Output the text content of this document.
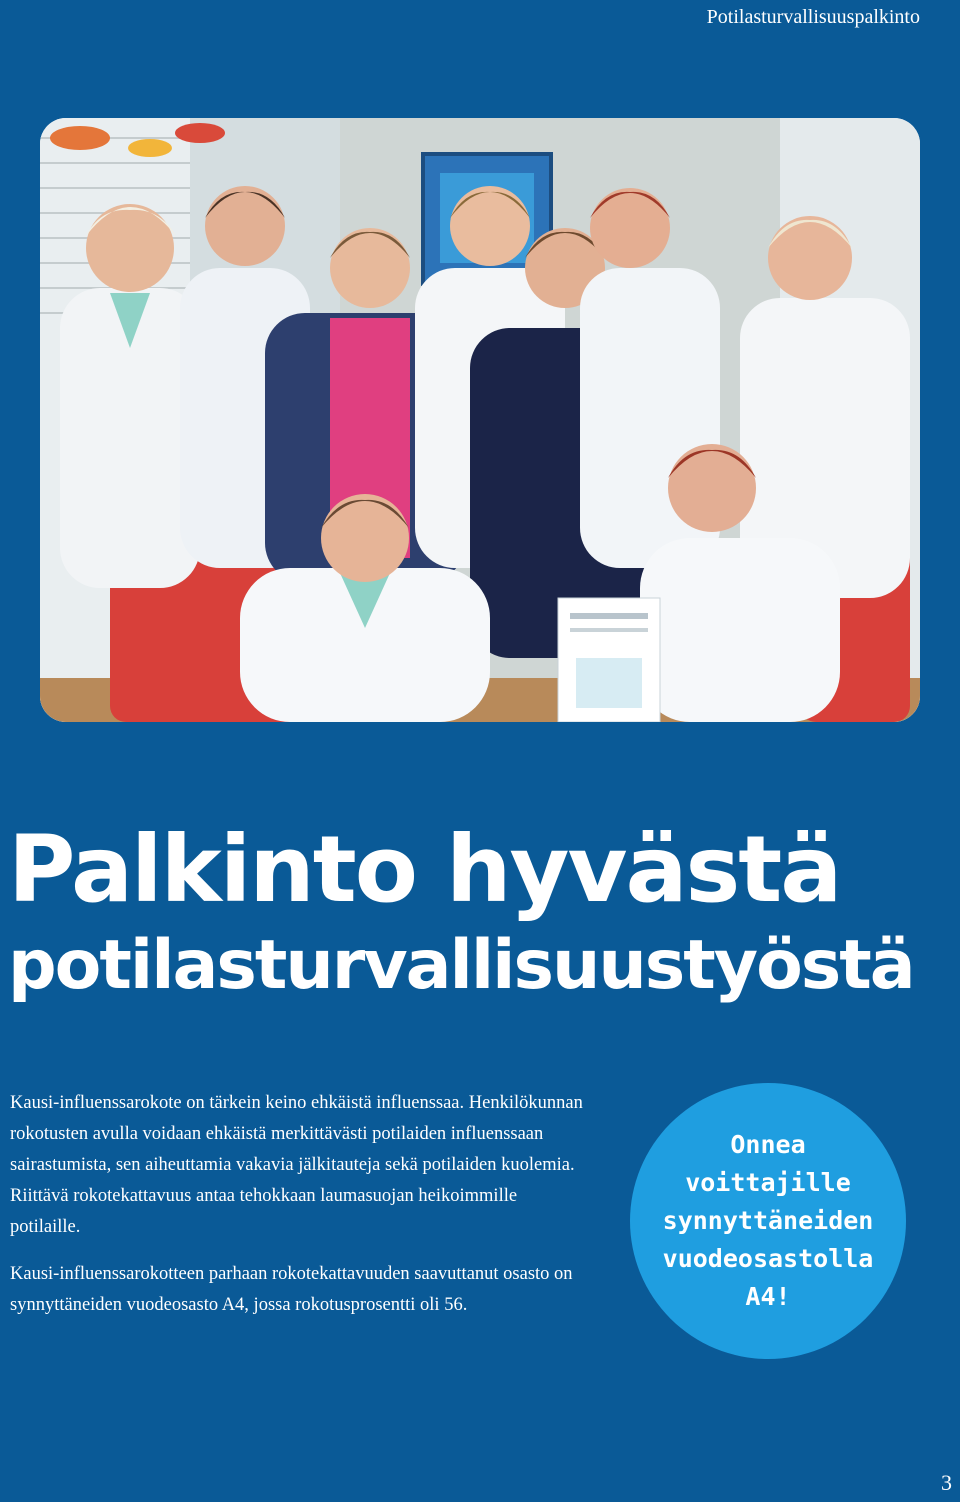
Potilasturvallisuuspalkinto
Palkinto hyvästä
potilasturvallisuustyöstä

Kausi-influenssarokote on tärkein keino ehkäistä influenssaa. Henkilökunnan rokotusten avulla voidaan ehkäistä merkittävästi potilaiden influenssaan sairastumista, sen aiheuttamia vakavia jälkitauteja sekä potilaiden kuolemia. Riittävä rokotekattavuus antaa tehokkaan laumasuojan heikoimmille potilaille.

Kausi-influenssarokotteen parhaan rokotekattavuuden saavuttanut osasto on synnyttäneiden vuodeosasto A4, jossa rokotusprosentti oli 56.

Onnea voittajille synnyttäneiden vuodeosastolla A4!
3
